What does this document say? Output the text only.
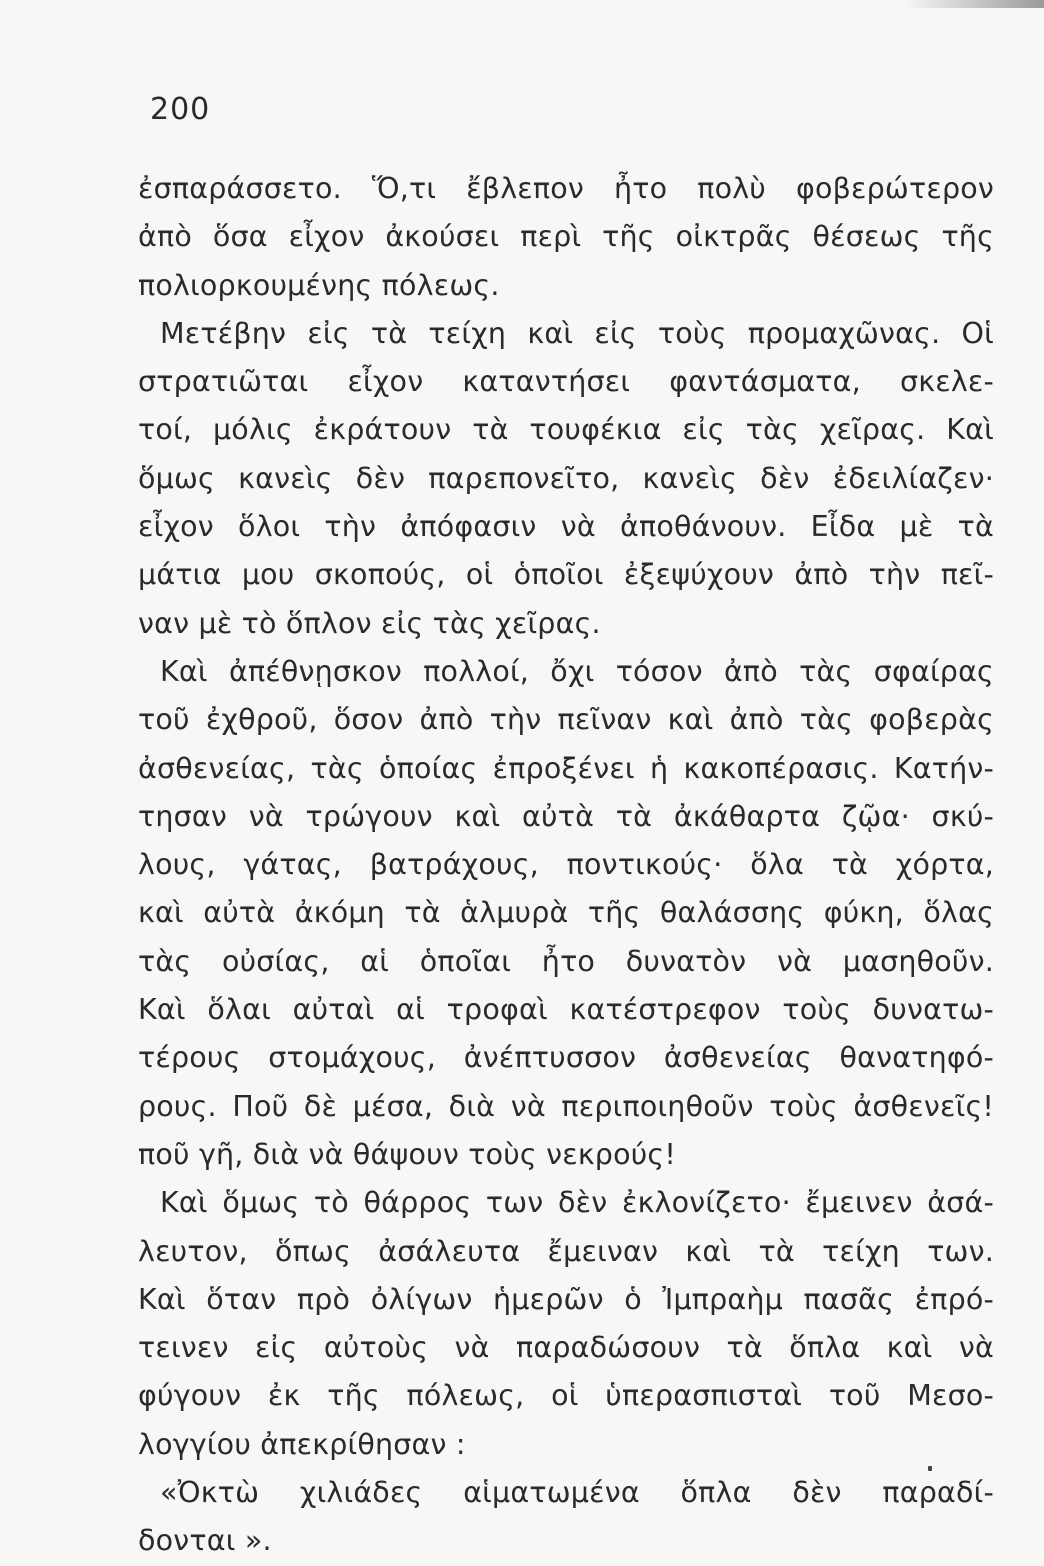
200
ἐσπαράσσετο. Ὅ,τι ἔβλεπον ἦτο πολὺ φοβερώτερον
ἀπὸ ὅσα εἶχον ἀκούσει περὶ τῆς οἰκτρᾶς θέσεως τῆς
πολιορκουμένης πόλεως.
Μετέβην εἰς τὰ τείχη καὶ εἰς τοὺς προμαχῶνας. Οἱ
στρατιῶται εἶχον καταντήσει φαντάσματα, σκελε-
τοί, μόλις ἐκράτουν τὰ τουφέκια εἰς τὰς χεῖρας. Καὶ
ὅμως κανεὶς δὲν παρεπονεῖτο, κανεὶς δὲν ἐδειλίαζεν·
εἶχον ὅλοι τὴν ἀπόφασιν νὰ ἀποθάνουν. Εἶδα μὲ τὰ
μάτια μου σκοπούς, οἱ ὁποῖοι ἐξεψύχουν ἀπὸ τὴν πεῖ-
ναν μὲ τὸ ὅπλον εἰς τὰς χεῖρας.
Καὶ ἀπέθνῃσκον πολλοί, ὄχι τόσον ἀπὸ τὰς σφαίρας
τοῦ ἐχθροῦ, ὅσον ἀπὸ τὴν πεῖναν καὶ ἀπὸ τὰς φοβερὰς
ἀσθενείας, τὰς ὁποίας ἐπροξένει ἡ κακοπέρασις. Κατήν-
τησαν νὰ τρώγουν καὶ αὐτὰ τὰ ἀκάθαρτα ζῷα· σκύ-
λους, γάτας, βατράχους, ποντικούς· ὅλα τὰ χόρτα,
καὶ αὐτὰ ἀκόμη τὰ ἁλμυρὰ τῆς θαλάσσης φύκη, ὅλας
τὰς οὐσίας, αἱ ὁποῖαι ἦτο δυνατὸν νὰ μασηθοῦν.
Καὶ ὅλαι αὐταὶ αἱ τροφαὶ κατέστρεφον τοὺς δυνατω-
τέρους στομάχους, ἀνέπτυσσον ἀσθενείας θανατηφό-
ρους. Ποῦ δὲ μέσα, διὰ νὰ περιποιηθοῦν τοὺς ἀσθενεῖς!
ποῦ γῆ, διὰ νὰ θάψουν τοὺς νεκρούς!
Καὶ ὅμως τὸ θάρρος των δὲν ἐκλονίζετο· ἔμεινεν ἀσά-
λευτον, ὅπως ἀσάλευτα ἔμειναν καὶ τὰ τείχη των.
Καὶ ὅταν πρὸ ὀλίγων ἡμερῶν ὁ Ἰμπραὴμ πασᾶς ἐπρό-
τεινεν εἰς αὐτοὺς νὰ παραδώσουν τὰ ὅπλα καὶ νὰ
φύγουν ἐκ τῆς πόλεως, οἱ ὑπερασπισταὶ τοῦ Μεσο-
λογγίου ἀπεκρίθησαν :
«Ὀκτὼ χιλιάδες αἱματωμένα ὅπλα δὲν παραδί-
δονται ».
